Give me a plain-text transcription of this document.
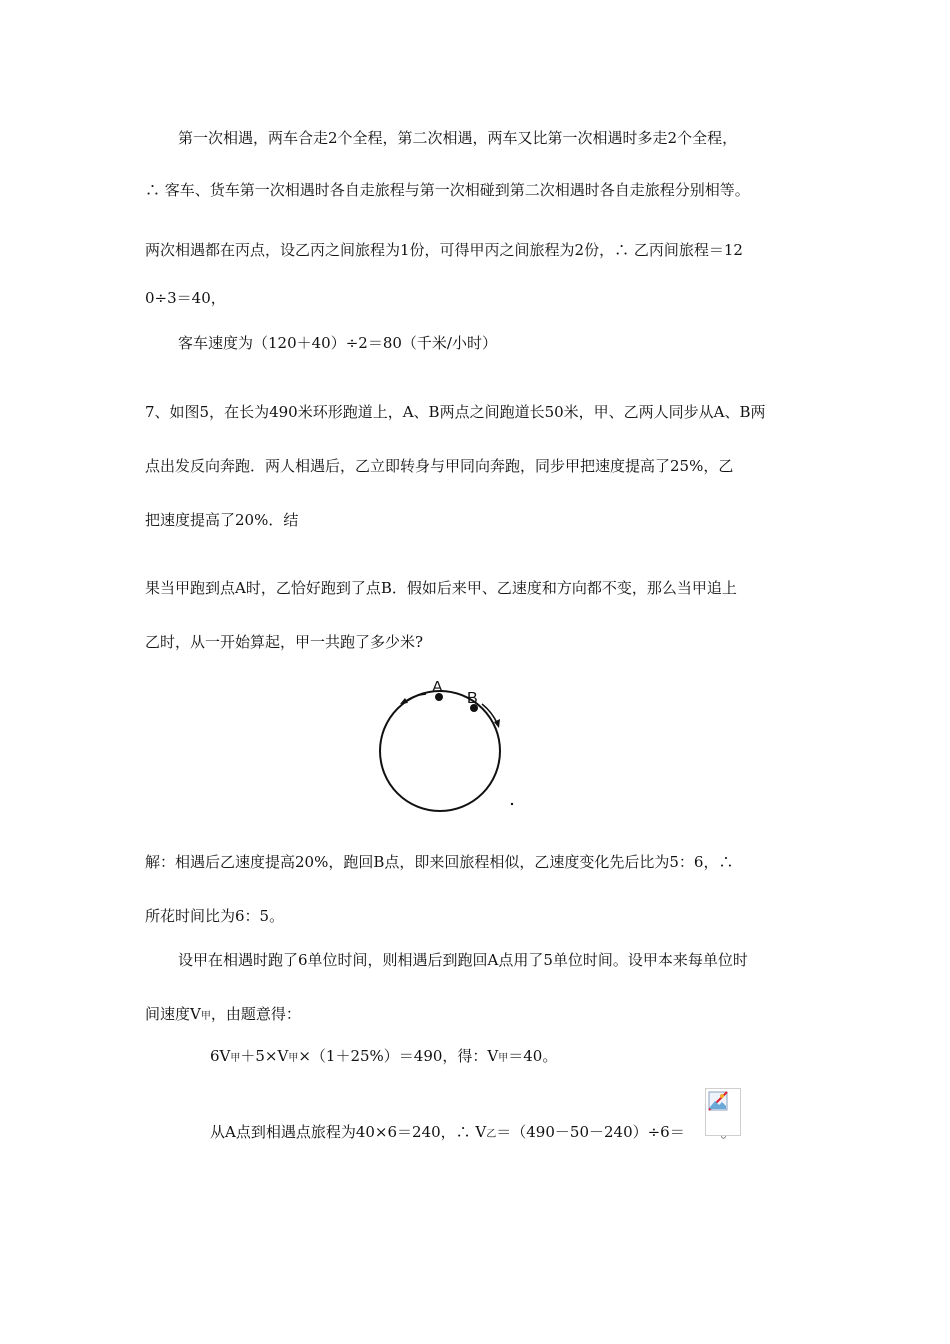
第一次相遇，两车合走2个全程，第二次相遇，两车又比第一次相遇时多走2个全程，
∴ 客车、货车第一次相遇时各自走旅程与第一次相碰到第二次相遇时各自走旅程分别相等。
两次相遇都在丙点，设乙丙之间旅程为1份，可得甲丙之间旅程为2份，∴ 乙丙间旅程＝12
0÷3＝40，
客车速度为（120＋40）÷2＝80（千米/小时）
7、如图5，在长为490米环形跑道上，A、B两点之间跑道长50米，甲、乙两人同步从A、B两
点出发反向奔跑．两人相遇后，乙立即转身与甲同向奔跑，同步甲把速度提高了25%，乙
把速度提高了20%．结
果当甲跑到点A时，乙恰好跑到了点B．假如后来甲、乙速度和方向都不变，那么当甲追上
乙时，从一开始算起，甲一共跑了多少米?
A
B
解：相遇后乙速度提高20%，跑回B点，即来回旅程相似，乙速度变化先后比为5：6，∴
所花时间比为6：5。
设甲在相遇时跑了6单位时间，则相遇后到跑回A点用了5单位时间。设甲本来每单位时
间速度V甲，由题意得：
6V甲＋5×V甲×（1＋25%）＝490，得：V甲＝40。
从A点到相遇点旅程为40×6＝240，∴ V乙＝（490－50－240）÷6＝
